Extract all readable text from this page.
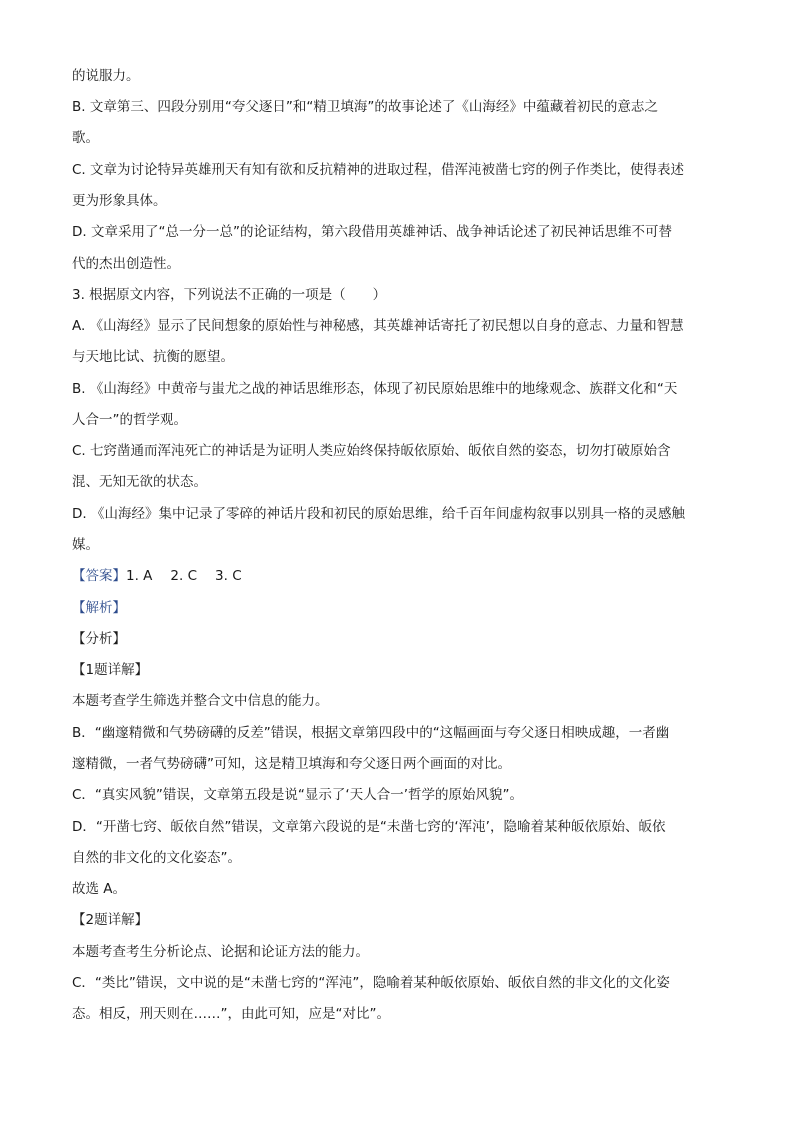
的说服力。

B. 文章第三、四段分别用“夸父逐日”和“精卫填海”的故事论述了《山海经》中蕴藏着初民的意志之

歌。

C. 文章为讨论特异英雄刑天有知有欲和反抗精神的进取过程，借浑沌被凿七窍的例子作类比，使得表述

更为形象具体。

D. 文章采用了“总一分一总”的论证结构，第六段借用英雄神话、战争神话论述了初民神话思维不可替

代的杰出创造性。

3. 根据原文内容，下列说法不正确的一项是（　　）

A. 《山海经》显示了民间想象的原始性与神秘感，其英雄神话寄托了初民想以自身的意志、力量和智慧

与天地比试、抗衡的愿望。

B. 《山海经》中黄帝与蚩尤之战的神话思维形态，体现了初民原始思维中的地缘观念、族群文化和“天

人合一”的哲学观。

C. 七窍凿通而浑沌死亡的神话是为证明人类应始终保持皈依原始、皈依自然的姿态，切勿打破原始含

混、无知无欲的状态。

D. 《山海经》集中记录了零碎的神话片段和初民的原始思维，给千百年间虚构叙事以别具一格的灵感触

媒。

【答案】1. A 2. C 3. C

【解析】

【分析】

【1题详解】

本题考查学生筛选并整合文中信息的能力。

B．“幽邃精微和气势磅礴的反差”错误，根据文章第四段中的“这幅画面与夸父逐日相映成趣，一者幽

邃精微，一者气势磅礴”可知，这是精卫填海和夸父逐日两个画面的对比。

C．“真实风貌”错误，文章第五段是说“显示了‘天人合一’哲学的原始风貌”。

D．“开凿七窍、皈依自然”错误，文章第六段说的是“未凿七窍的‘浑沌’，隐喻着某种皈依原始、皈依

自然的非文化的文化姿态”。

故选 A。

【2题详解】

本题考查考生分析论点、论据和论证方法的能力。

C．“类比”错误，文中说的是“未凿七窍的“浑沌”，隐喻着某种皈依原始、皈依自然的非文化的文化姿

态。相反，刑天则在……”，由此可知，应是“对比”。
